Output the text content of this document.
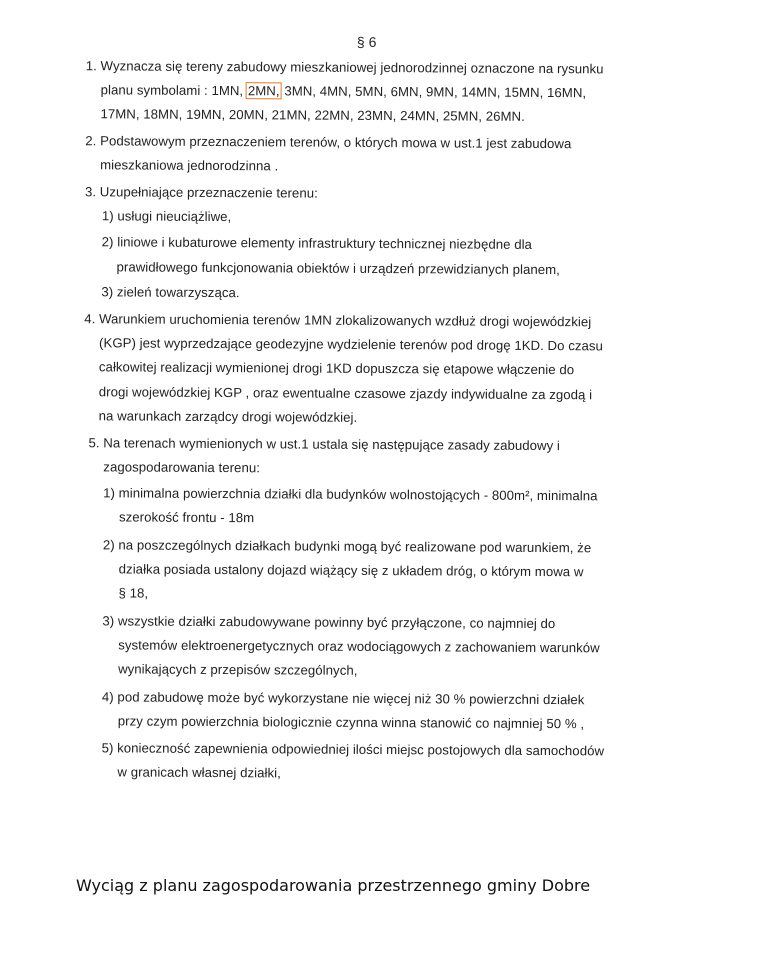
§ 6
1. Wyznacza się tereny zabudowy mieszkaniowej jednorodzinnej oznaczone na rysunku
planu symbolami : 1MN, 2MN, 3MN, 4MN, 5MN, 6MN, 9MN, 14MN, 15MN, 16MN,
17MN, 18MN, 19MN, 20MN, 21MN, 22MN, 23MN, 24MN, 25MN, 26MN.
2. Podstawowym przeznaczeniem terenów, o których mowa w ust.1 jest zabudowa
mieszkaniowa jednorodzinna .
3. Uzupełniające przeznaczenie terenu:
1) usługi nieuciążliwe,
2) liniowe i kubaturowe elementy infrastruktury technicznej niezbędne dla
prawidłowego funkcjonowania obiektów i urządzeń przewidzianych planem,
3) zieleń towarzysząca.
4. Warunkiem uruchomienia terenów 1MN zlokalizowanych wzdłuż drogi wojewódzkiej
(KGP) jest wyprzedzające geodezyjne wydzielenie terenów pod drogę 1KD. Do czasu
całkowitej realizacji wymienionej drogi 1KD dopuszcza się etapowe włączenie do
drogi wojewódzkiej KGP , oraz ewentualne czasowe zjazdy indywidualne za zgodą i
na warunkach zarządcy drogi wojewódzkiej.
5. Na terenach wymienionych w ust.1 ustala się następujące zasady zabudowy i
zagospodarowania terenu:
1) minimalna powierzchnia działki dla budynków wolnostojących - 800m², minimalna
szerokość frontu - 18m
2) na poszczególnych działkach budynki mogą być realizowane pod warunkiem, że
działka posiada ustalony dojazd wiążący się z układem dróg, o którym mowa w
§ 18,
3) wszystkie działki zabudowywane powinny być przyłączone, co najmniej do
systemów elektroenergetycznych oraz wodociągowych z zachowaniem warunków
wynikających z przepisów szczególnych,
4) pod zabudowę może być wykorzystane nie więcej niż 30 % powierzchni działek
przy czym powierzchnia biologicznie czynna winna stanowić co najmniej 50 % ,
5) konieczność zapewnienia odpowiedniej ilości miejsc postojowych dla samochodów
w granicach własnej działki,
Wyciąg z planu zagospodarowania przestrzennego gminy Dobre
